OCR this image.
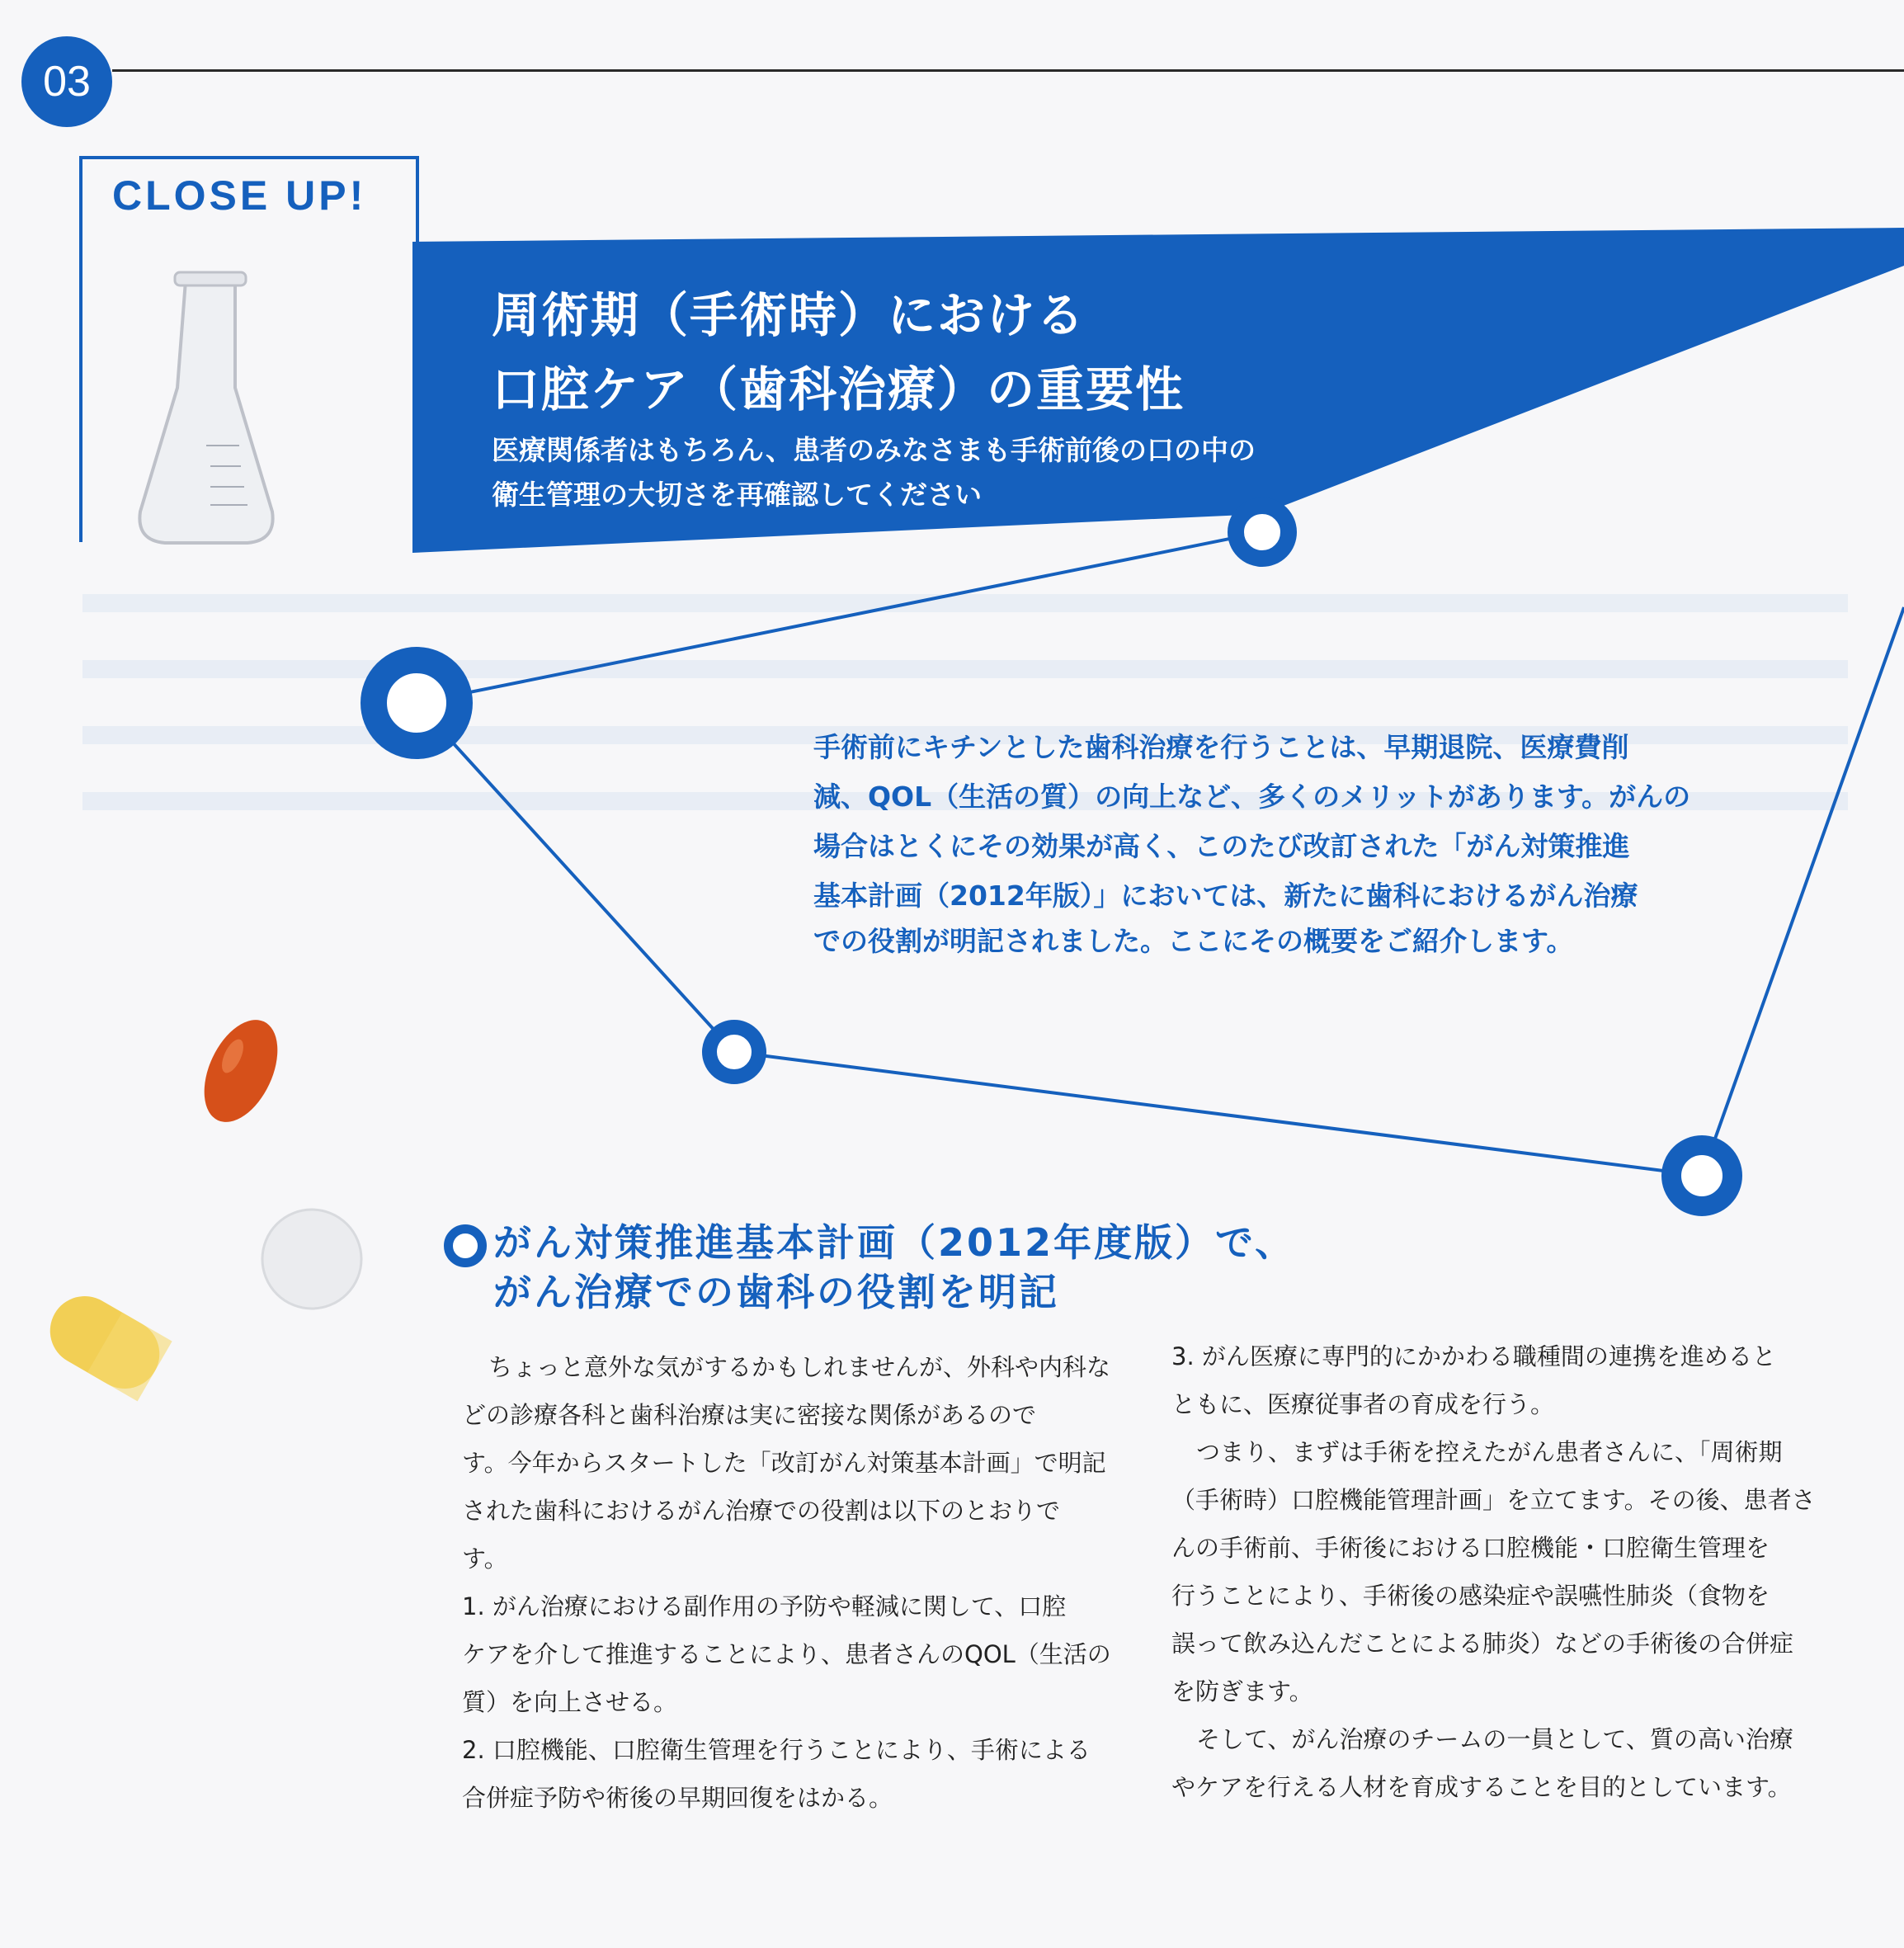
03
CLOSE UP!
周術期（手術時）における
口腔ケア（歯科治療）の重要性
医療関係者はもちろん、患者のみなさまも手術前後の口の中の
衛生管理の大切さを再確認してください
手術前にキチンとした歯科治療を行うことは、早期退院、医療費削
減、QOL（生活の質）の向上など、多くのメリットがあります。がんの
場合はとくにその効果が高く、このたび改訂された「がん対策推進
基本計画（2012年版）」においては、新たに歯科におけるがん治療
での役割が明記されました。ここにその概要をご紹介します。
がん対策推進基本計画（2012年度版）で、
がん治療での歯科の役割を明記
ちょっと意外な気がするかもしれませんが、外科や内科な
どの診療各科と歯科治療は実に密接な関係があるので
す。今年からスタートした「改訂がん対策基本計画」で明記
された歯科におけるがん治療での役割は以下のとおりで
す。
1. がん治療における副作用の予防や軽減に関して、口腔
ケアを介して推進することにより、患者さんのQOL（生活の
質）を向上させる。
2. 口腔機能、口腔衛生管理を行うことにより、手術による
合併症予防や術後の早期回復をはかる。
3. がん医療に専門的にかかわる職種間の連携を進めると
ともに、医療従事者の育成を行う。
つまり、まずは手術を控えたがん患者さんに、「周術期
（手術時）口腔機能管理計画」を立てます。その後、患者さ
んの手術前、手術後における口腔機能・口腔衛生管理を
行うことにより、手術後の感染症や誤嚥性肺炎（食物を
誤って飲み込んだことによる肺炎）などの手術後の合併症
を防ぎます。
そして、がん治療のチームの一員として、質の高い治療
やケアを行える人材を育成することを目的としています。
